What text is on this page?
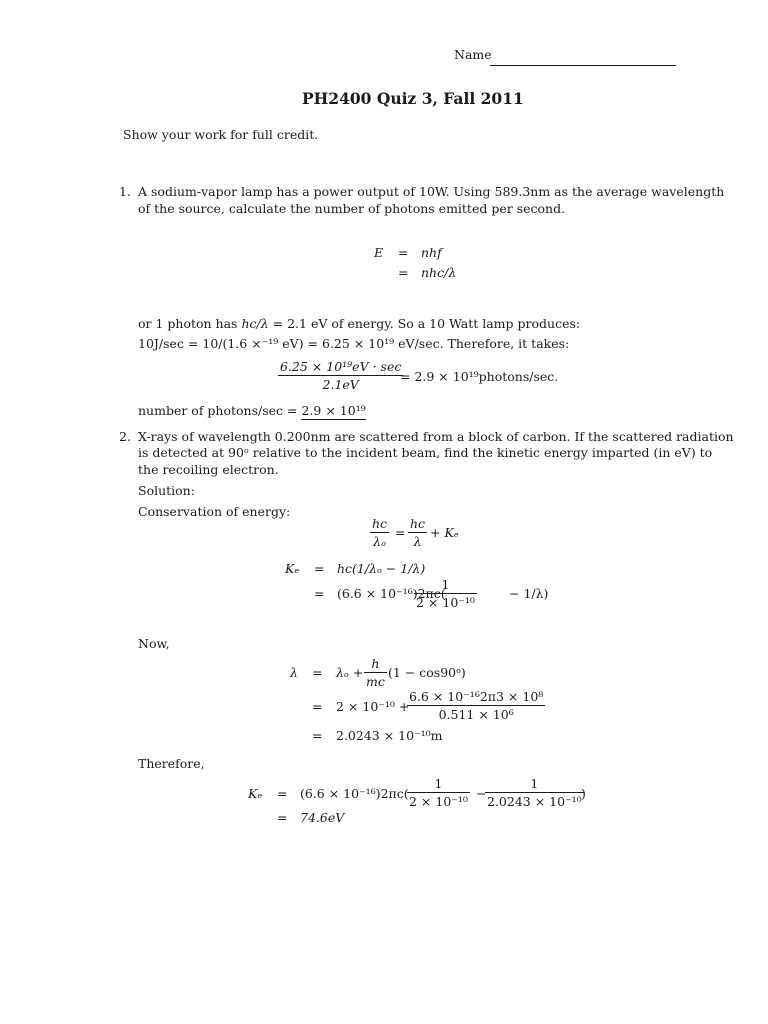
Name
PH2400 Quiz 3, Fall 2011
Show your work for full credit.
1. A sodium-vapor lamp has a power output of 10W. Using 589.3nm as the average wavelength
of the source, calculate the number of photons emitted per second.
E = nhf
= nhc/λ
or 1 photon has hc/λ = 2.1 eV of energy. So a 10 Watt lamp produces:
10J/sec = 10/(1.6 ×⁻¹⁹ eV) = 6.25 × 10¹⁹ eV/sec. Therefore, it takes:
6.25 × 10¹⁹eV · sec
2.1eV
= 2.9 × 10¹⁹photons/sec.
number of photons/sec = 2.9 × 10¹⁹
2. X-rays of wavelength 0.200nm are scattered from a block of carbon. If the scattered radiation
is detected at 90ᵒ relative to the incident beam, find the kinetic energy imparted (in eV) to
the recoiling electron.
Solution:
Conservation of energy:
$\frac{hc}{\text{λₒ}} = \frac{hc}{\lambda} + K_e$
Kₑ = hc(1/λₒ − 1/λ)
= (6.6 × 10⁻¹⁶)2πc(
$\frac{1}{\text{2 × 10⁻¹⁰}}$	− 1/λ)
Now,
$\lambda = \lambda_o + \frac{h}{mc} (1$ − cos90ᵒ)
= 2 × 10⁻¹⁰ +
$\frac{\text{6.6 × 10⁻¹⁶2π3 × 10⁸}}{\text{0.511 × 10⁶}}$
= 2.0243 × 10⁻¹⁰m
Therefore,
Kₑ = (6.6 × 10⁻¹⁶)2πc(
$\frac{1}{\text{2 × 10⁻¹⁰}}$ −
$\frac{1}{\text{2.0243 × 10⁻¹⁰}}$
)
= 74.6eV
